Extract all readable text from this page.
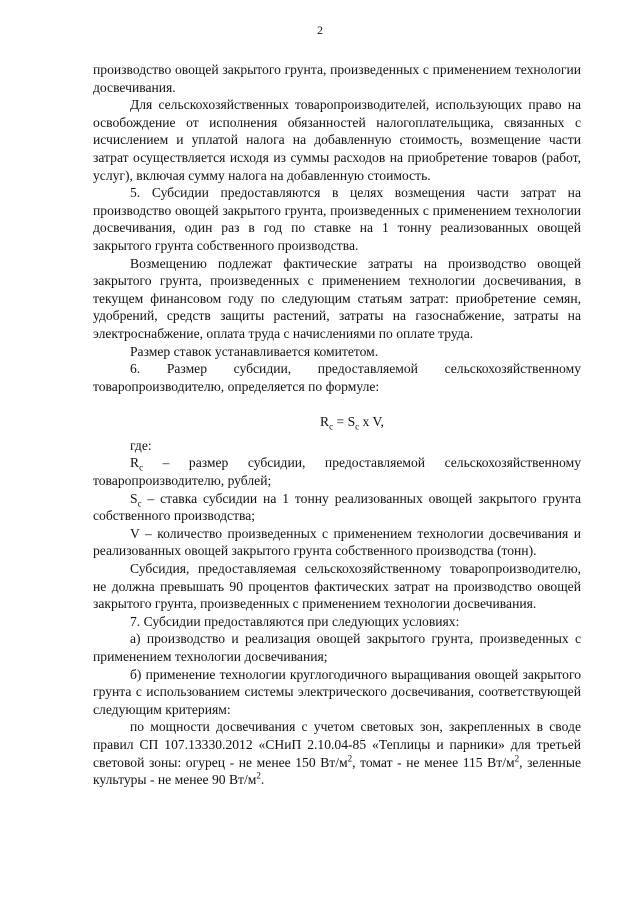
2

производство овощей закрытого грунта, произведенных с применением технологии досвечивания.

Для сельскохозяйственных товаропроизводителей, использующих право на освобождение от исполнения обязанностей налогоплательщика, связанных с исчислением и уплатой налога на добавленную стоимость, возмещение части затрат осуществляется исходя из суммы расходов на приобретение товаров (работ, услуг), включая сумму налога на добавленную стоимость.

5. Субсидии предоставляются в целях возмещения части затрат на производство овощей закрытого грунта, произведенных с применением технологии досвечивания, один раз в год по ставке на 1 тонну реализованных овощей закрытого грунта собственного производства.

Возмещению подлежат фактические затраты на производство овощей закрытого грунта, произведенных с применением технологии досвечивания, в текущем финансовом году по следующим статьям затрат: приобретение семян, удобрений, средств защиты растений, затраты на газоснабжение, затраты на электроснабжение, оплата труда с начислениями по оплате труда.

Размер ставок устанавливается комитетом.

6. Размер субсидии, предоставляемой сельскохозяйственному товаропроизводителю, определяется по формуле:

$R_c = S_c$ x V,

где:

$R_c$ – размер субсидии, предоставляемой сельскохозяйственному товаропроизводителю, рублей;

$S_c$ – ставка субсидии на 1 тонну реализованных овощей закрытого грунта собственного производства;

V – количество произведенных с применением технологии досвечивания и реализованных овощей закрытого грунта собственного производства (тонн).

Субсидия, предоставляемая сельскохозяйственному товаропроизводителю, не должна превышать 90 процентов фактических затрат на производство овощей закрытого грунта, произведенных с применением технологии досвечивания.

7. Субсидии предоставляются при следующих условиях:

а) производство и реализация овощей закрытого грунта, произведенных с применением технологии досвечивания;

б) применение технологии круглогодичного выращивания овощей закрытого грунта с использованием системы электрического досвечивания, соответствующей следующим критериям:

по мощности досвечивания с учетом световых зон, закрепленных в своде правил СП 107.13330.2012 «СНиП 2.10.04-85 «Теплицы и парники» для третьей световой зоны: огурец - не менее 150 $Вт/м^2$, томат - не менее 115 $Вт/м^2$, зеленные культуры - не менее 90 $Вт/м^2$.
